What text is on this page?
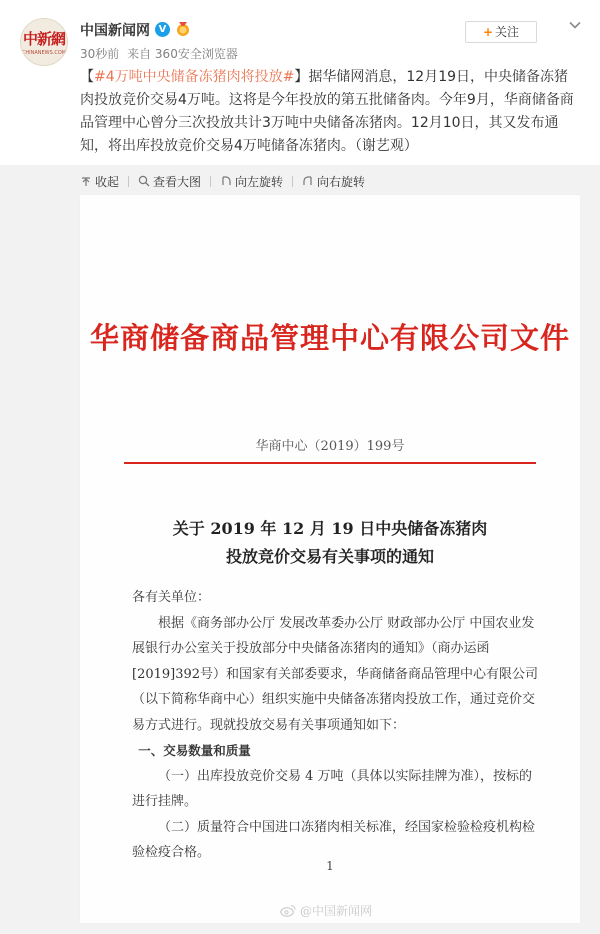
中新網
CHINANEWS.COM
中国新闻网 V
30秒前 来自 360安全浏览器
+ 关注
【#4万吨中央储备冻猪肉将投放#】据华储网消息，12月19日，中央储备冻猪肉投放竞价交易4万吨。这将是今年投放的第五批储备肉。今年9月，华商储备商品管理中心曾分三次投放共计3万吨中央储备冻猪肉。12月10日，其又发布通知，将出库投放竞价交易4万吨储备冻猪肉。（谢艺观）
收起	查看大图	向左旋转	向右旋转
华商储备商品管理中心有限公司文件
华商中心（2019）199号
关于 2019 年 12 月 19 日中央储备冻猪肉
投放竞价交易有关事项的通知

各有关单位：

根据《商务部办公厅 发展改革委办公厅 财政部办公厅 中国农业发展银行办公室关于投放部分中央储备冻猪肉的通知》（商办运函[2019]392号）和国家有关部委要求，华商储备商品管理中心有限公司（以下简称华商中心）组织实施中央储备冻猪肉投放工作，通过竞价交易方式进行。现就投放交易有关事项通知如下：

一、交易数量和质量

（一）出库投放竞价交易 4 万吨（具体以实际挂牌为准），按标的进行挂牌。

（二）质量符合中国进口冻猪肉相关标准，经国家检验检疫机构检验检疫合格。

1
@中国新闻网
